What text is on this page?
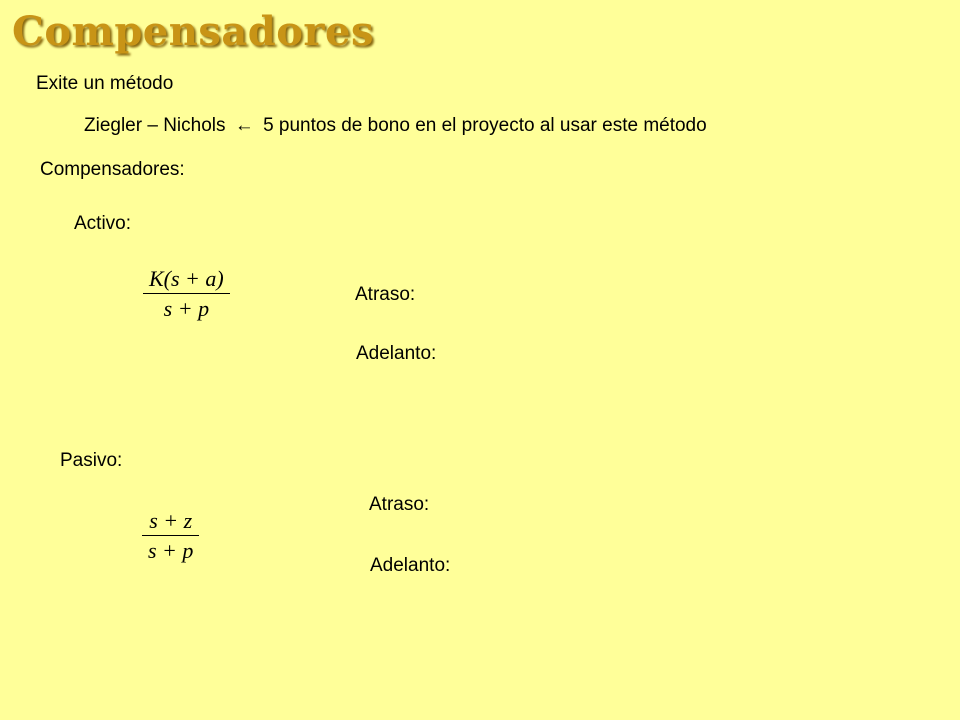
Compensadores
Exite un método
Ziegler – Nichols ← 5 puntos de bono en el proyecto al usar este método
Compensadores:
Activo:
K(s + a)
s + p
Atraso:
Adelanto:
Pasivo:
s + z
s + p
Atraso:
Adelanto:
